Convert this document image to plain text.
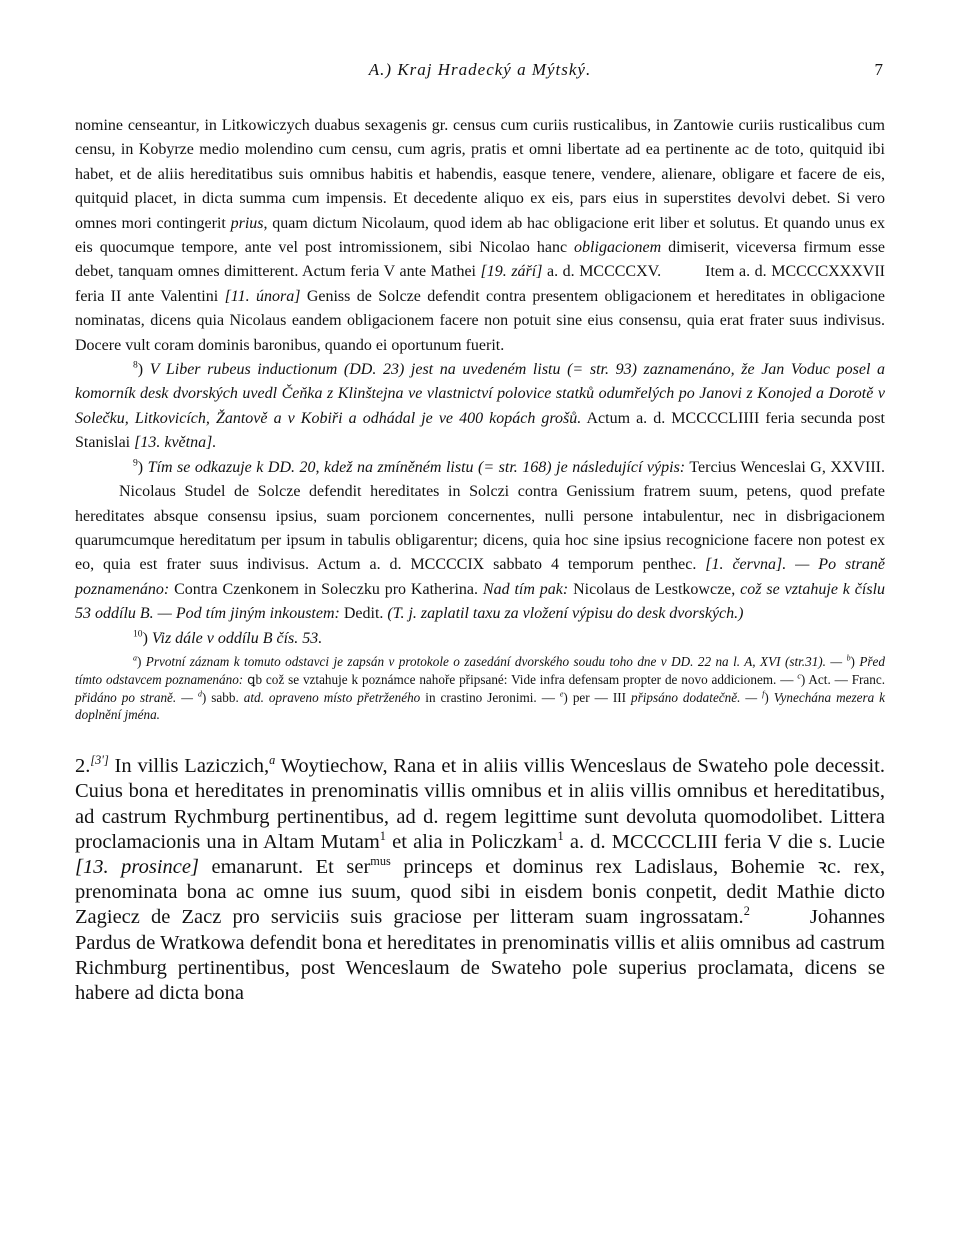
A.) Kraj Hradecký a Mýtský.	7

nomine censeantur, in Litkowiczych duabus sexagenis gr. census cum curiis rusticalibus, in Zantowie curiis rusticalibus cum censu, in Kobyrze medio molendino cum censu, cum agris, pratis et omni libertate ad ea pertinente ac de toto, quitquid ibi habet, et de aliis hereditatibus suis omnibus habitis et habendis, easque tenere, vendere, alienare, obligare et facere de eis, quitquid placet, in dicta summa cum impensis. Et decedente aliquo ex eis, pars eius in superstites devolvi debet. Si vero omnes mori contingerit prius, quam dictum Nicolaum, quod idem ab hac obligacione erit liber et solutus. Et quando unus ex eis quocumque tempore, ante vel post intromissionem, sibi Nicolao hanc obligacionem dimiserit, viceversa firmum esse debet, tanquam omnes dimitterent. Actum feria V ante Mathei [19. září] a. d. MCCCCXV.	Item a. d. MCCCCXXXVII feria II ante Valentini [11. února] Geniss de Solcze defendit contra presentem obligacionem et hereditates in obligacione nominatas, dicens quia Nicolaus eandem obligacionem facere non potuit sine eius consensu, quia erat frater suus indivisus. Docere vult coram dominis baronibus, quando ei oportunum fuerit.

$^8$) V Liber rubeus inductionum (DD. 23) jest na uvedeném listu (= str. 93) zaznamenáno, že Jan Voduc posel a komorník desk dvorských uvedl Čeňka z Klinštejna ve vlastnictví polovice statků odumřelých po Janovi z Konojed a Dorotě v Solečku, Litkovicích, Žantově a v Kobiři a odhádal je ve 400 kopách grošů. Actum a. d. MCCCCLIIII feria secunda post Stanislai [13. května].

$^9$) Tím se odkazuje k DD. 20, kdež na zmíněném listu (= str. 168) je následující výpis: Tercius Wenceslai G, XXVIII.Nicolaus Studel de Solcze defendit hereditates in Solczi contra Genissium fratrem suum, petens, quod prefate hereditates absque consensu ipsius, suam porcionem concernentes, nulli persone intabulentur, nec in disbrigacionem quarumcumque hereditatum per ipsum in tabulis obligarentur; dicens, quia hoc sine ipsius recognicione facere non potest ex eo, quia est frater suus indivisus. Actum a. d. MCCCCIX sabbato 4 temporum penthec. [1. června]. — Po straně poznamenáno: Contra Czenkonem in Soleczku pro Katherina. Nad tím pak: Nicolaus de Lestkowcze, což se vztahuje k číslu 53 oddílu B. — Pod tím jiným inkoustem: Dedit. (T. j. zaplatil taxu za vložení výpisu do desk dvorských.)

$^{10}$) Viz dále v oddílu B čís. 53.

$^a$) Prvotní záznam k tomuto odstavci je zapsán v protokole o zasedání dvorského soudu toho dne v DD. 22 na l. A, XVI (str.31). — $^b$) Před tímto odstavcem poznamenáno: ꝗb což se vztahuje k poznámce nahoře připsané: Vide infra defensam propter de novo addicionem. — $^c$) Act. — Franc. přidáno po straně. — $^d$) sabb. atd. opraveno místo přetrženého in crastino Jeronimi. — $^e$) per — III připsáno dodatečně. — $^f$) Vynechána mezera k doplnění jména.

2.[3'] In villis Laziczich,$^a$ Woytiechow, Rana et in aliis villis Wenceslaus de Swateho pole decessit. Cuius bona et hereditates in prenominatis villis omnibus et in aliis villis omnibus et hereditatibus, ad castrum Rychmburg pertinentibus, ad d. regem legittime sunt devoluta quomodolibet. Littera proclamacionis una in Altam Mutam$^1$ et alia in Policzkam$^1$ a. d. MCCCCLIII feria V die s. Lucie [13. prosince] emanarunt. Et ser$^{mus}$ princeps et dominus rex Ladislaus, Bohemie ꝛc. rex, prenominata bona ac omne ius suum, quod sibi in eisdem bonis conpetit, dedit Mathie dicto Zagiecz de Zacz pro serviciis suis graciose per litteram suam ingrossatam.$^2$	Johannes Pardus de Wratkowa defendit bona et hereditates in prenominatis villis et aliis omnibus ad castrum Richmburg pertinentibus, post Wenceslaum de Swateho pole superius proclamata, dicens se habere ad dicta bona
